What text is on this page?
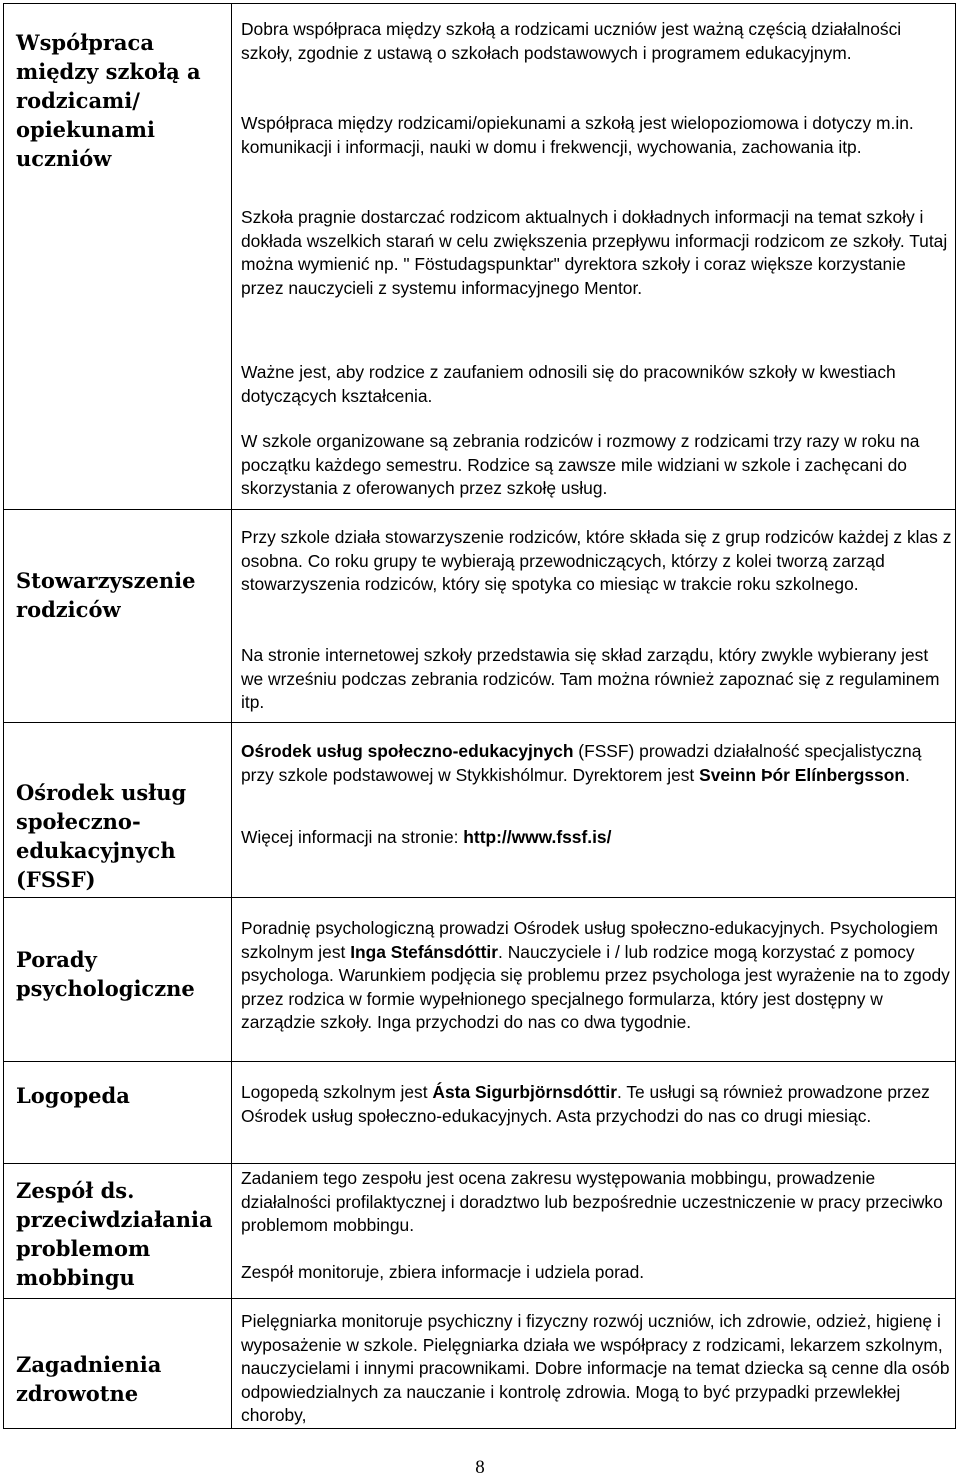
Współpraca między szkołą a rodzicami/ opiekunami uczniów

Dobra współpraca między szkołą a rodzicami uczniów jest ważną częścią działalności szkoły, zgodnie z ustawą o szkołach podstawowych i programem edukacyjnym.

Współpraca między rodzicami/opiekunami a szkołą jest wielopoziomowa i dotyczy m.in. komunikacji i informacji, nauki w domu i frekwencji, wychowania, zachowania itp.

Szkoła pragnie dostarczać rodzicom aktualnych i dokładnych informacji na temat szkoły i dokłada wszelkich starań w celu zwiększenia przepływu informacji rodzicom ze szkoły. Tutaj można wymienić np. " Föstudagspunktar" dyrektora szkoły i coraz większe korzystanie przez nauczycieli z systemu informacyjnego Mentor.

Ważne jest, aby rodzice z zaufaniem odnosili się do pracowników szkoły w kwestiach dotyczących kształcenia.

W szkole organizowane są zebrania rodziców i rozmowy z rodzicami trzy razy w roku na początku każdego semestru. Rodzice są zawsze mile widziani w szkole i zachęcani do skorzystania z oferowanych przez szkołę usług.

Stowarzyszenie rodziców

Przy szkole działa stowarzyszenie rodziców, które składa się z grup rodziców każdej z klas z osobna. Co roku grupy te wybierają przewodniczących, którzy z kolei tworzą zarząd stowarzyszenia rodziców, który się spotyka co miesiąc w trakcie roku szkolnego.

Na stronie internetowej szkoły przedstawia się skład zarządu, który zwykle wybierany jest we wrześniu podczas zebrania rodziców. Tam można również zapoznać się z regulaminem itp.

Ośrodek usług społeczno-edukacyjnych (FSSF)

Ośrodek usług społeczno-edukacyjnych (FSSF) prowadzi działalność specjalistyczną przy szkole podstawowej w Stykkishólmur. Dyrektorem jest Sveinn Þór Elínbergsson.

Więcej informacji na stronie: http://www.fssf.is/

Porady psychologiczne

Poradnię psychologiczną prowadzi Ośrodek usług społeczno-edukacyjnych. Psychologiem szkolnym jest Inga Stefánsdóttir. Nauczyciele i / lub rodzice mogą korzystać z pomocy psychologa. Warunkiem podjęcia się problemu przez psychologa jest wyrażenie na to zgody przez rodzica w formie wypełnionego specjalnego formularza, który jest dostępny w zarządzie szkoły. Inga przychodzi do nas co dwa tygodnie.

Logopeda	Logopedą szkolnym jest Ásta Sigurbjörnsdóttir. Te usługi są również prowadzone przez Ośrodek usług społeczno-edukacyjnych. Asta przychodzi do nas co drugi miesiąc.

Zespół ds. przeciwdziałania problemom mobbingu

Zadaniem tego zespołu jest ocena zakresu występowania mobbingu, prowadzenie działalności profilaktycznej i doradztwo lub bezpośrednie uczestniczenie w pracy przeciwko problemom mobbingu.

Zespół monitoruje, zbiera informacje i udziela porad.

Zagadnienia zdrowotne

Pielęgniarka monitoruje psychiczny i fizyczny rozwój uczniów, ich zdrowie, odzież, higienę i wyposażenie w szkole. Pielęgniarka działa we współpracy z rodzicami, lekarzem szkolnym, nauczycielami i innymi pracownikami. Dobre informacje na temat dziecka są cenne dla osób odpowiedzialnych za nauczanie i kontrolę zdrowia. Mogą to być przypadki przewlekłej choroby,

8
